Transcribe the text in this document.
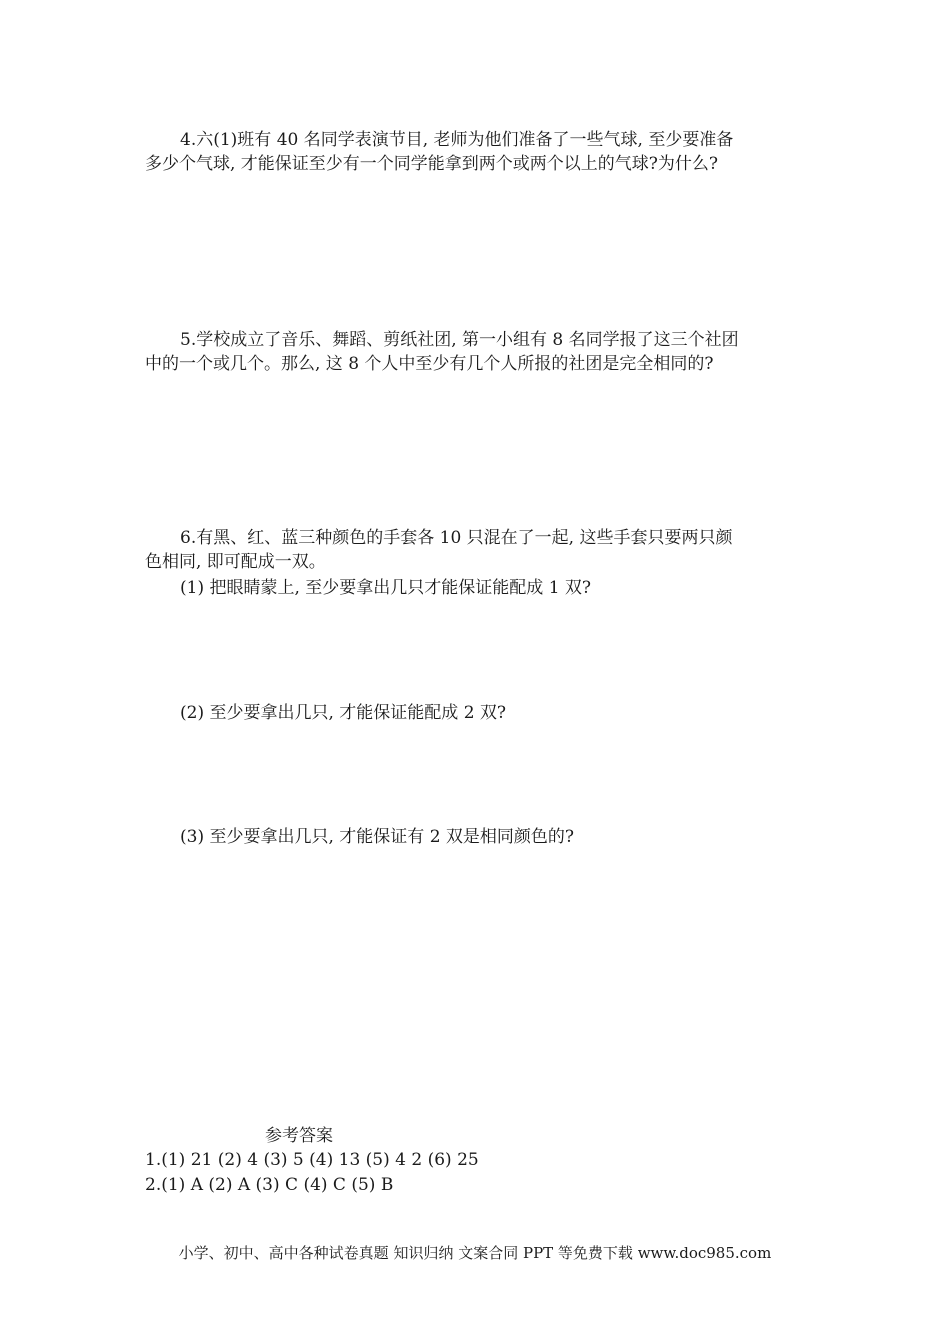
4.六(1)班有 40 名同学表演节目, 老师为他们准备了一些气球, 至少要准备
多少个气球, 才能保证至少有一个同学能拿到两个或两个以上的气球?为什么?
5.学校成立了音乐、舞蹈、剪纸社团, 第一小组有 8 名同学报了这三个社团
中的一个或几个。那么, 这 8 个人中至少有几个人所报的社团是完全相同的?
6.有黑、红、蓝三种颜色的手套各 10 只混在了一起, 这些手套只要两只颜
色相同, 即可配成一双。
(1) 把眼睛蒙上, 至少要拿出几只才能保证能配成 1 双?
(2) 至少要拿出几只, 才能保证能配成 2 双?
(3) 至少要拿出几只, 才能保证有 2 双是相同颜色的?
参考答案
1.(1) 21 (2) 4 (3) 5 (4) 13 (5) 4 2 (6) 25
2.(1) A (2) A (3) C (4) C (5) B
小学、初中、高中各种试卷真题 知识归纳 文案合同 PPT 等免费下载 www.doc985.com
